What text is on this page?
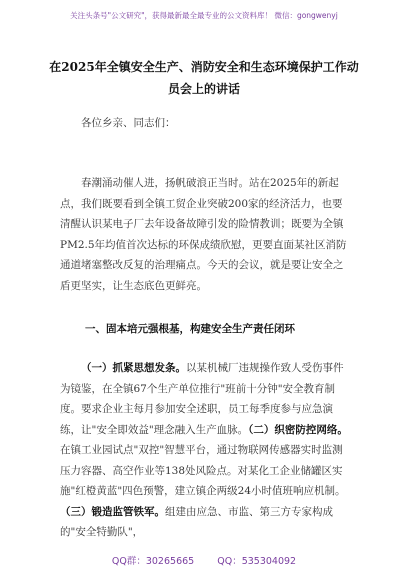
关注头条号"公文研究"，获得最新最全最专业的公文资料库！ 微信：gongwenyj
在2025年全镇安全生产、消防安全和生态环境保护工作动
员会上的讲话
各位乡亲、同志们：
春潮涌动催人进，扬帆破浪正当时。站在2025年的新起点，我们既要看到全镇工贸企业突破200家的经济活力，也要清醒认识某电子厂去年设备故障引发的险情教训；既要为全镇PM2.5年均值首次达标的环保成绩欣慰，更要直面某社区消防通道堵塞整改反复的治理痛点。今天的会议，就是要让安全之盾更坚实，让生态底色更鲜亮。
一、固本培元强根基，构建安全生产责任闭环
（一）抓紧思想发条。以某机械厂违规操作致人受伤事件为镜鉴，在全镇67个生产单位推行"班前十分钟"安全教育制度。要求企业主每月参加安全述职，员工每季度参与应急演练，让"安全即效益"理念融入生产血脉。（二）织密防控网络。在镇工业园试点"双控"智慧平台，通过物联网传感器实时监测压力容器、高空作业等138处风险点。对某化工企业储罐区实施"红橙黄蓝"四色预警，建立镇企两级24小时值班响应机制。（三）锻造监管铁军。组建由应急、市监、第三方专家构成的"安全特勤队"，
QQ群：30265665 QQ：535304092
